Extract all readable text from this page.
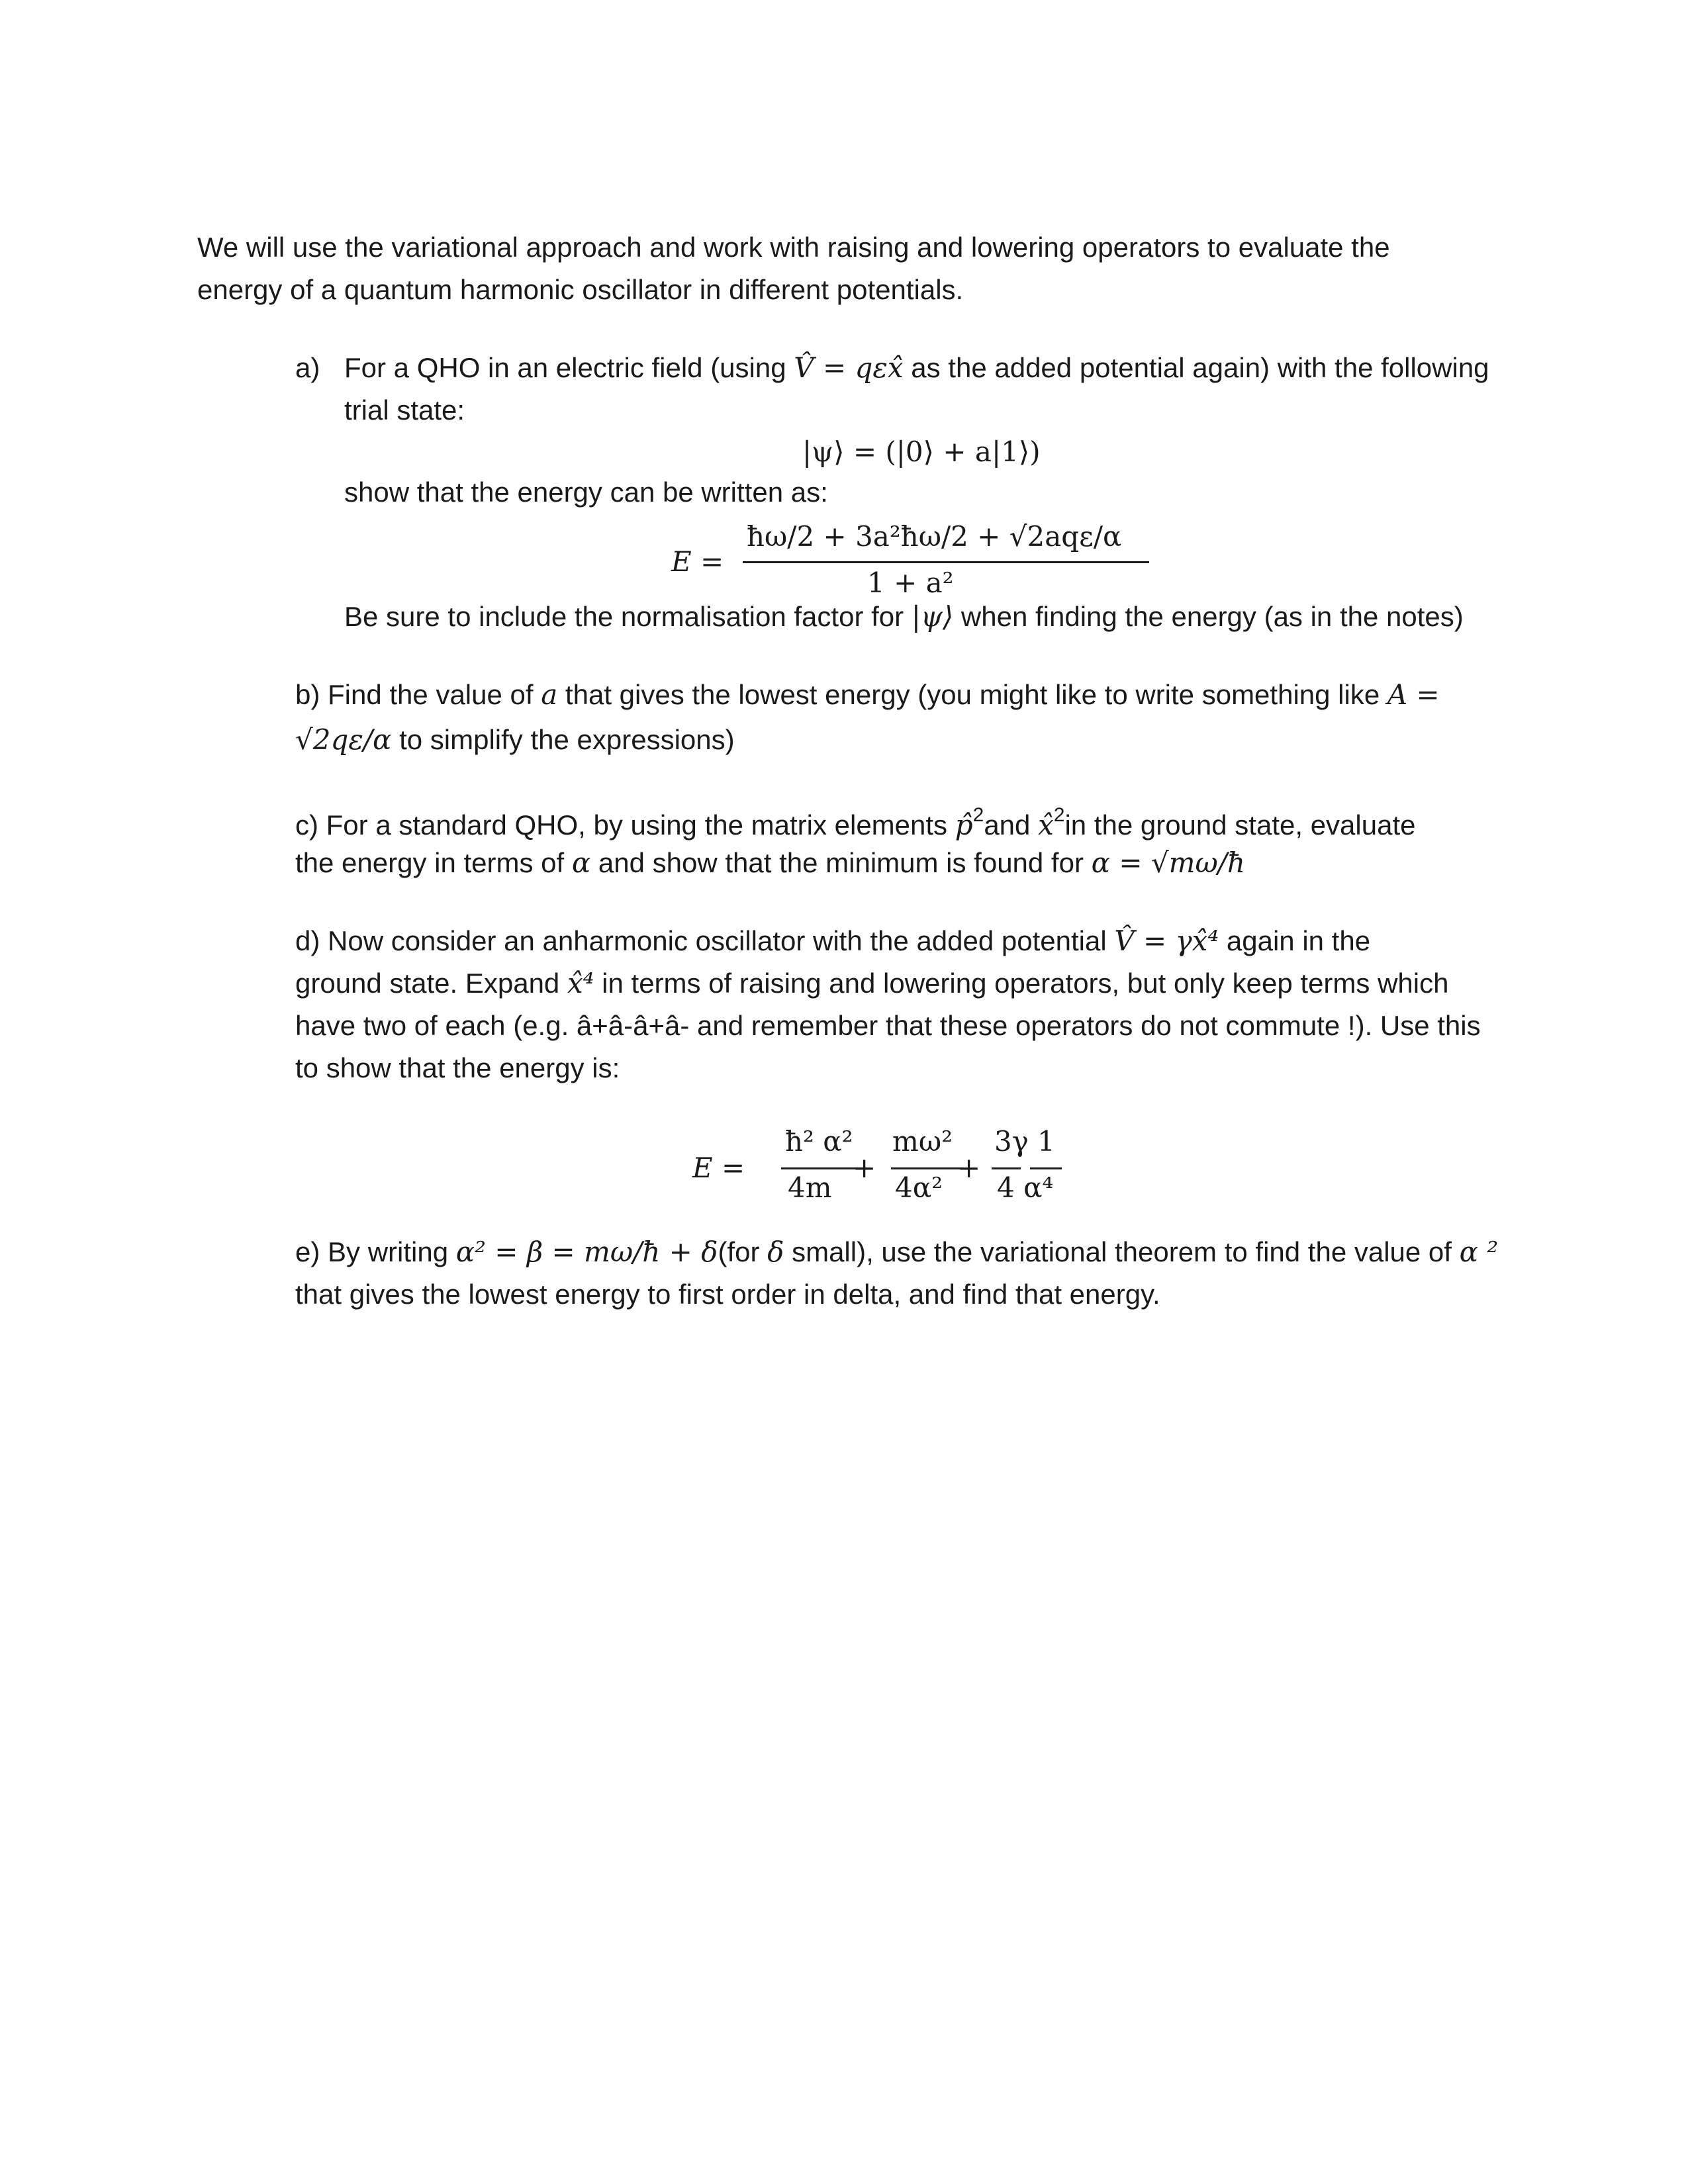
We will use the variational approach and work with raising and lowering operators to evaluate the
energy of a quantum harmonic oscillator in different potentials.
a) For a QHO in an electric field (using V̂ = qεx̂ as the added potential again) with the following
trial state:
|ψ⟩ = (|0⟩ + a|1⟩)
show that the energy can be written as:
E =
ħω/2 + 3a²ħω/2 + √2aqε/α
1 + a²
Be sure to include the normalisation factor for |ψ⟩ when finding the energy (as in the notes)
b) Find the value of a that gives the lowest energy (you might like to write something like A =
√2qε/α to simplify the expressions)
c) For a standard QHO, by using the matrix elements p̂$^2$and x̂$^2$in the ground state, evaluate
the energy in terms of α and show that the minimum is found for α = √mω/ħ
d) Now consider an anharmonic oscillator with the added potential V̂ = γx̂⁴ again in the
ground state. Expand x̂⁴ in terms of raising and lowering operators, but only keep terms which
have two of each (e.g. â+â-â+â- and remember that these operators do not commute !). Use this
to show that the energy is:
E =
ħ² α²
4m
+
mω²
4α²
+
3γ 1
4 α⁴
e) By writing α² = β = mω/ħ + δ(for δ small), use the variational theorem to find the value of α ²
that gives the lowest energy to first order in delta, and find that energy.
